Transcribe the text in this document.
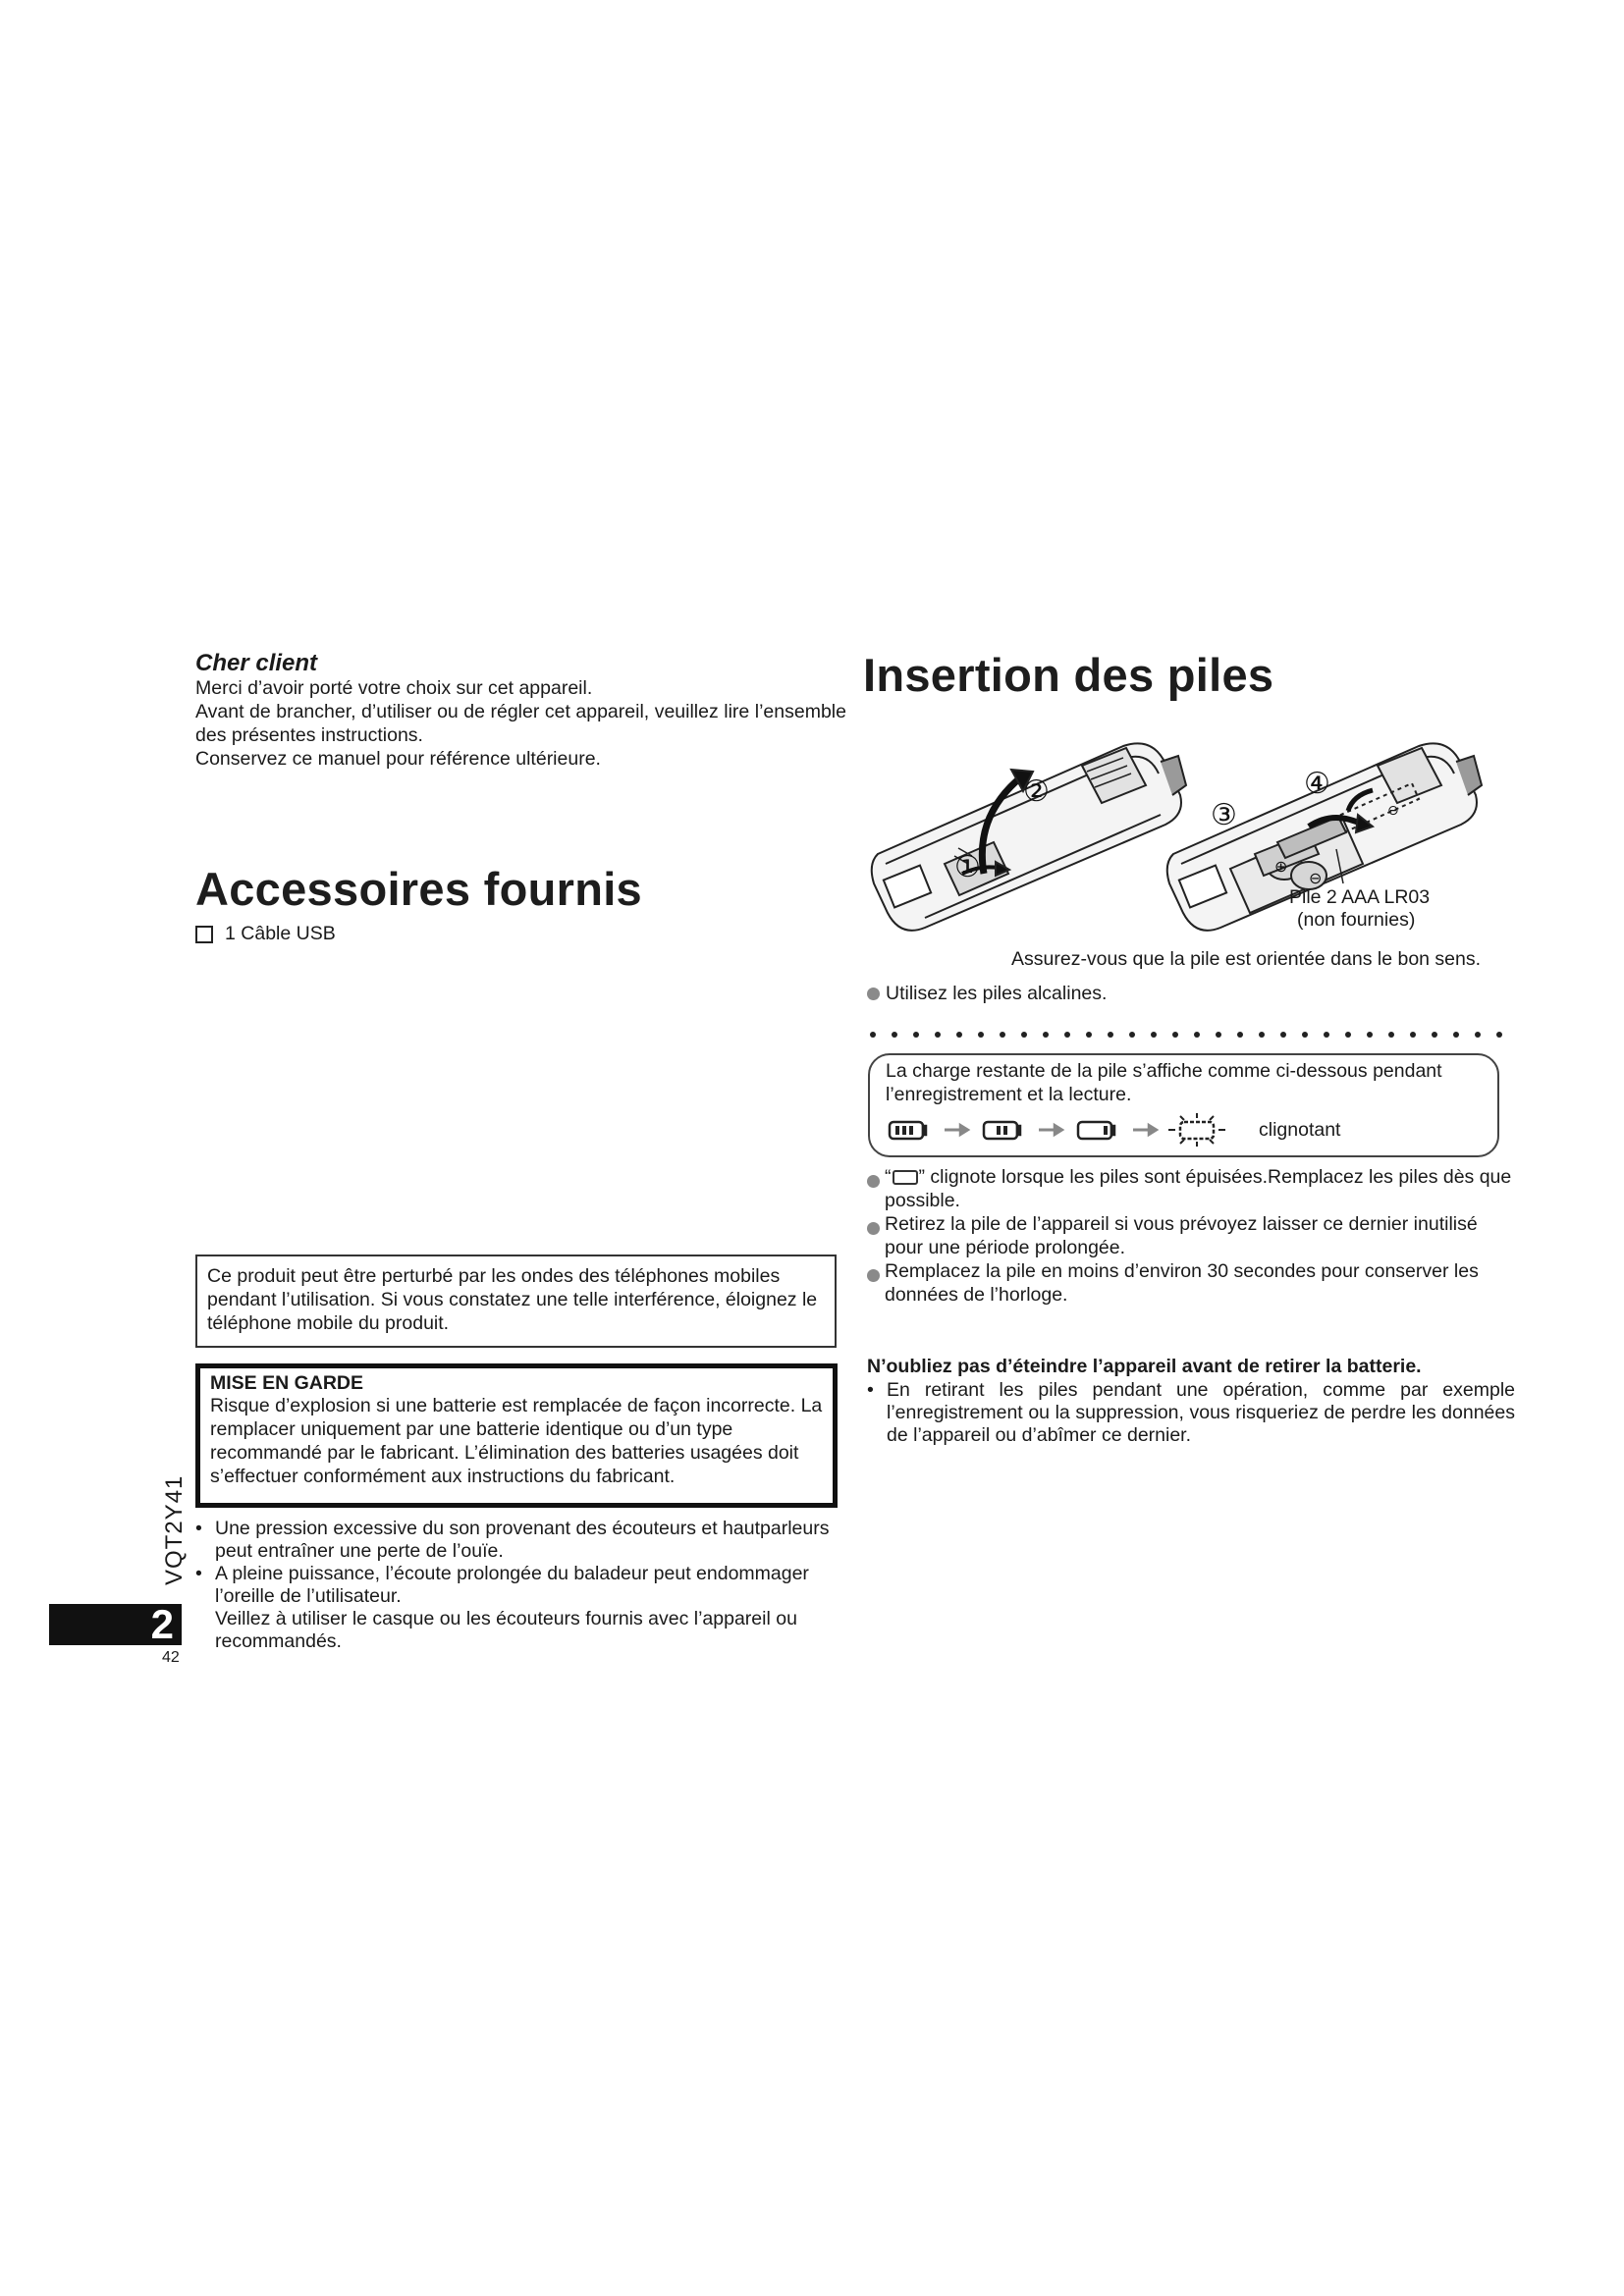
Cher client

Merci d’avoir porté votre choix sur cet appareil.

Avant de brancher, d’utiliser ou de régler cet appareil, veuillez lire l’ensemble des présentes instructions.

Conservez ce manuel pour référence ultérieure.

Accessoires fournis
1 Câble USB

Ce produit peut être perturbé par les ondes des téléphones mobiles pendant l’utilisation. Si vous constatez une telle interférence, éloignez le téléphone mobile du produit.

MISE EN GARDE

Risque d’explosion si une batterie est remplacée de façon incorrecte. La remplacer uniquement par une batterie identique ou d’un type recommandé par le fabricant. L’élimination des batteries usagées doit s’effectuer conformément aux instructions du fabricant.

• Une pression excessive du son provenant des écouteurs et hautparleurs peut entraîner une perte de l’ouïe.
• A pleine puissance, l’écoute prolongée du baladeur peut endommager l’oreille de l’utilisateur.
Veillez à utiliser le casque ou les écouteurs fournis avec l’appareil ou recommandés.
VQT2Y41
2
42
Insertion des piles
①
②
③
④
⊕
⊖
⊖
Pile 2 AAA LR03
(non fournies)
Assurez-vous que la pile est orientée dans le bon sens.
Utilisez les piles alcalines.

La charge restante de la pile s’affiche comme ci-dessous pendant l’enregistrement et la lecture.

clignotant
“ ” clignote lorsque les piles sont épuisées.Remplacez les piles dès que possible.
Retirez la pile de l’appareil si vous prévoyez laisser ce dernier inutilisé pour une période prolongée.
Remplacez la pile en moins d’environ 30 secondes pour conserver les données de l’horloge.
N’oubliez pas d’éteindre l’appareil avant de retirer la batterie.
• En retirant les piles pendant une opération, comme par exemple l’enregistrement ou la suppression, vous risqueriez de perdre les données de l’appareil ou d’abîmer ce dernier.
